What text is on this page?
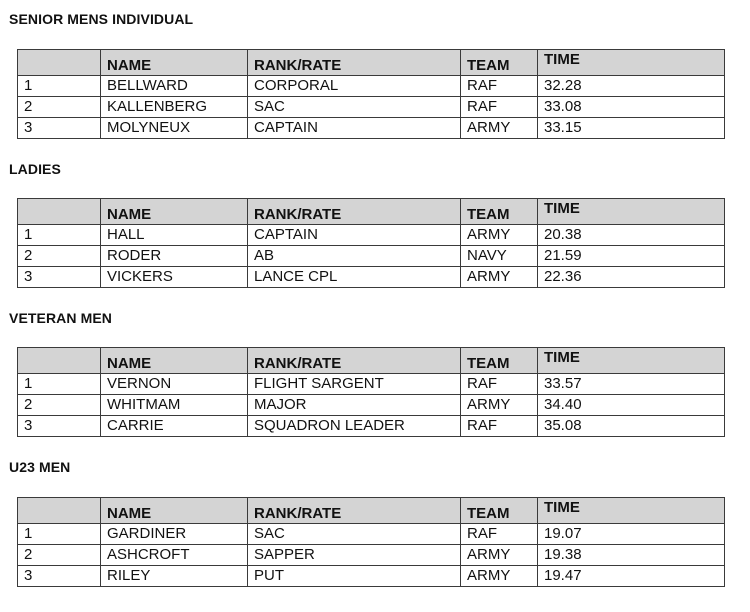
SENIOR MENS INDIVIDUAL
	NAME	RANK/RATE	TEAM	TIME
1	BELLWARD	CORPORAL	RAF	32.28
2	KALLENBERG	SAC	RAF	33.08
3	MOLYNEUX	CAPTAIN	ARMY	33.15
LADIES
	NAME	RANK/RATE	TEAM	TIME
1	HALL	CAPTAIN	ARMY	20.38
2	RODER	AB	NAVY	21.59
3	VICKERS	LANCE CPL	ARMY	22.36
VETERAN MEN
	NAME	RANK/RATE	TEAM	TIME
1	VERNON	FLIGHT SARGENT	RAF	33.57
2	WHITMAM	MAJOR	ARMY	34.40
3	CARRIE	SQUADRON LEADER	RAF	35.08
U23 MEN
	NAME	RANK/RATE	TEAM	TIME
1	GARDINER	SAC	RAF	19.07
2	ASHCROFT	SAPPER	ARMY	19.38
3	RILEY	PUT	ARMY	19.47
